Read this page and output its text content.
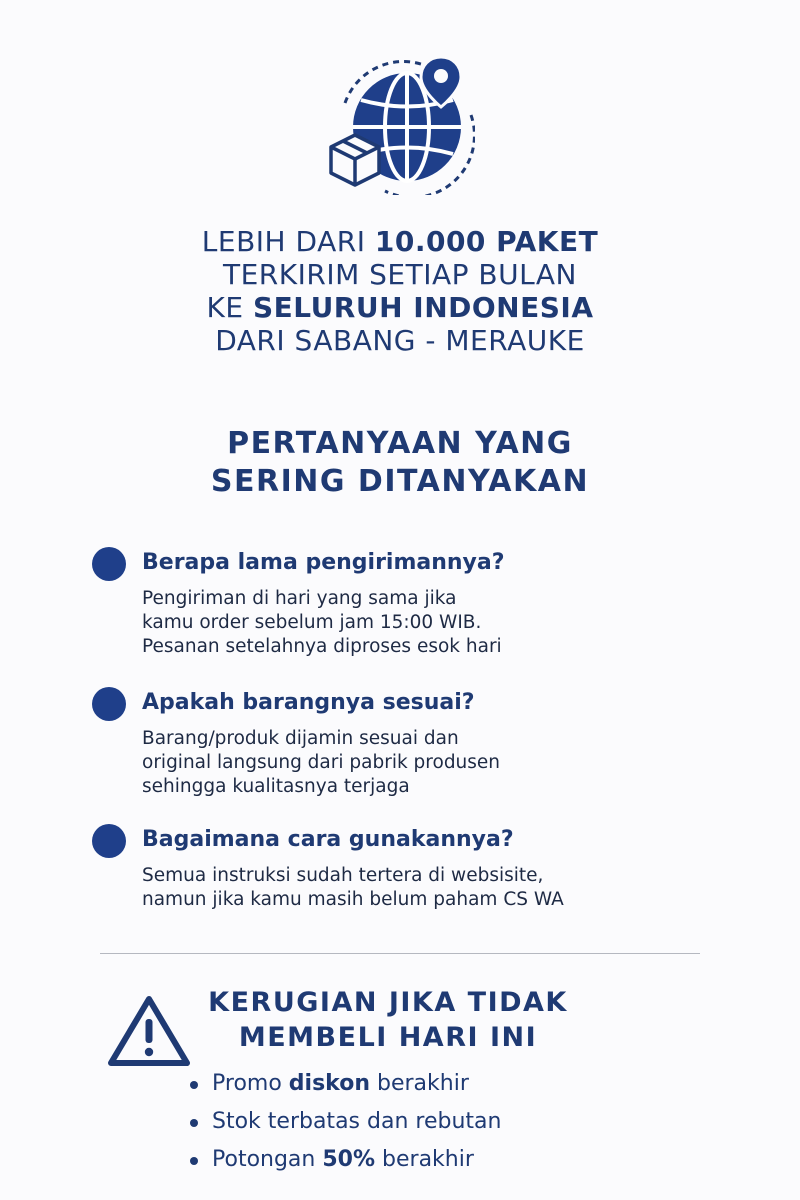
LEBIH DARI 10.000 PAKET
TERKIRIM SETIAP BULAN
KE SELURUH INDONESIA
DARI SABANG - MERAUKE
PERTANYAAN YANG
SERING DITANYAKAN
Berapa lama pengirimannya?
Pengiriman di hari yang sama jika
kamu order sebelum jam 15:00 WIB.
Pesanan setelahnya diproses esok hari
Apakah barangnya sesuai?
Barang/produk dijamin sesuai dan
original langsung dari pabrik produsen
sehingga kualitasnya terjaga
Bagaimana cara gunakannya?
Semua instruksi sudah tertera di websisite,
namun jika kamu masih belum paham CS WA
KERUGIAN JIKA TIDAK
MEMBELI HARI INI
Promo diskon berakhir
Stok terbatas dan rebutan
Potongan 50% berakhir
